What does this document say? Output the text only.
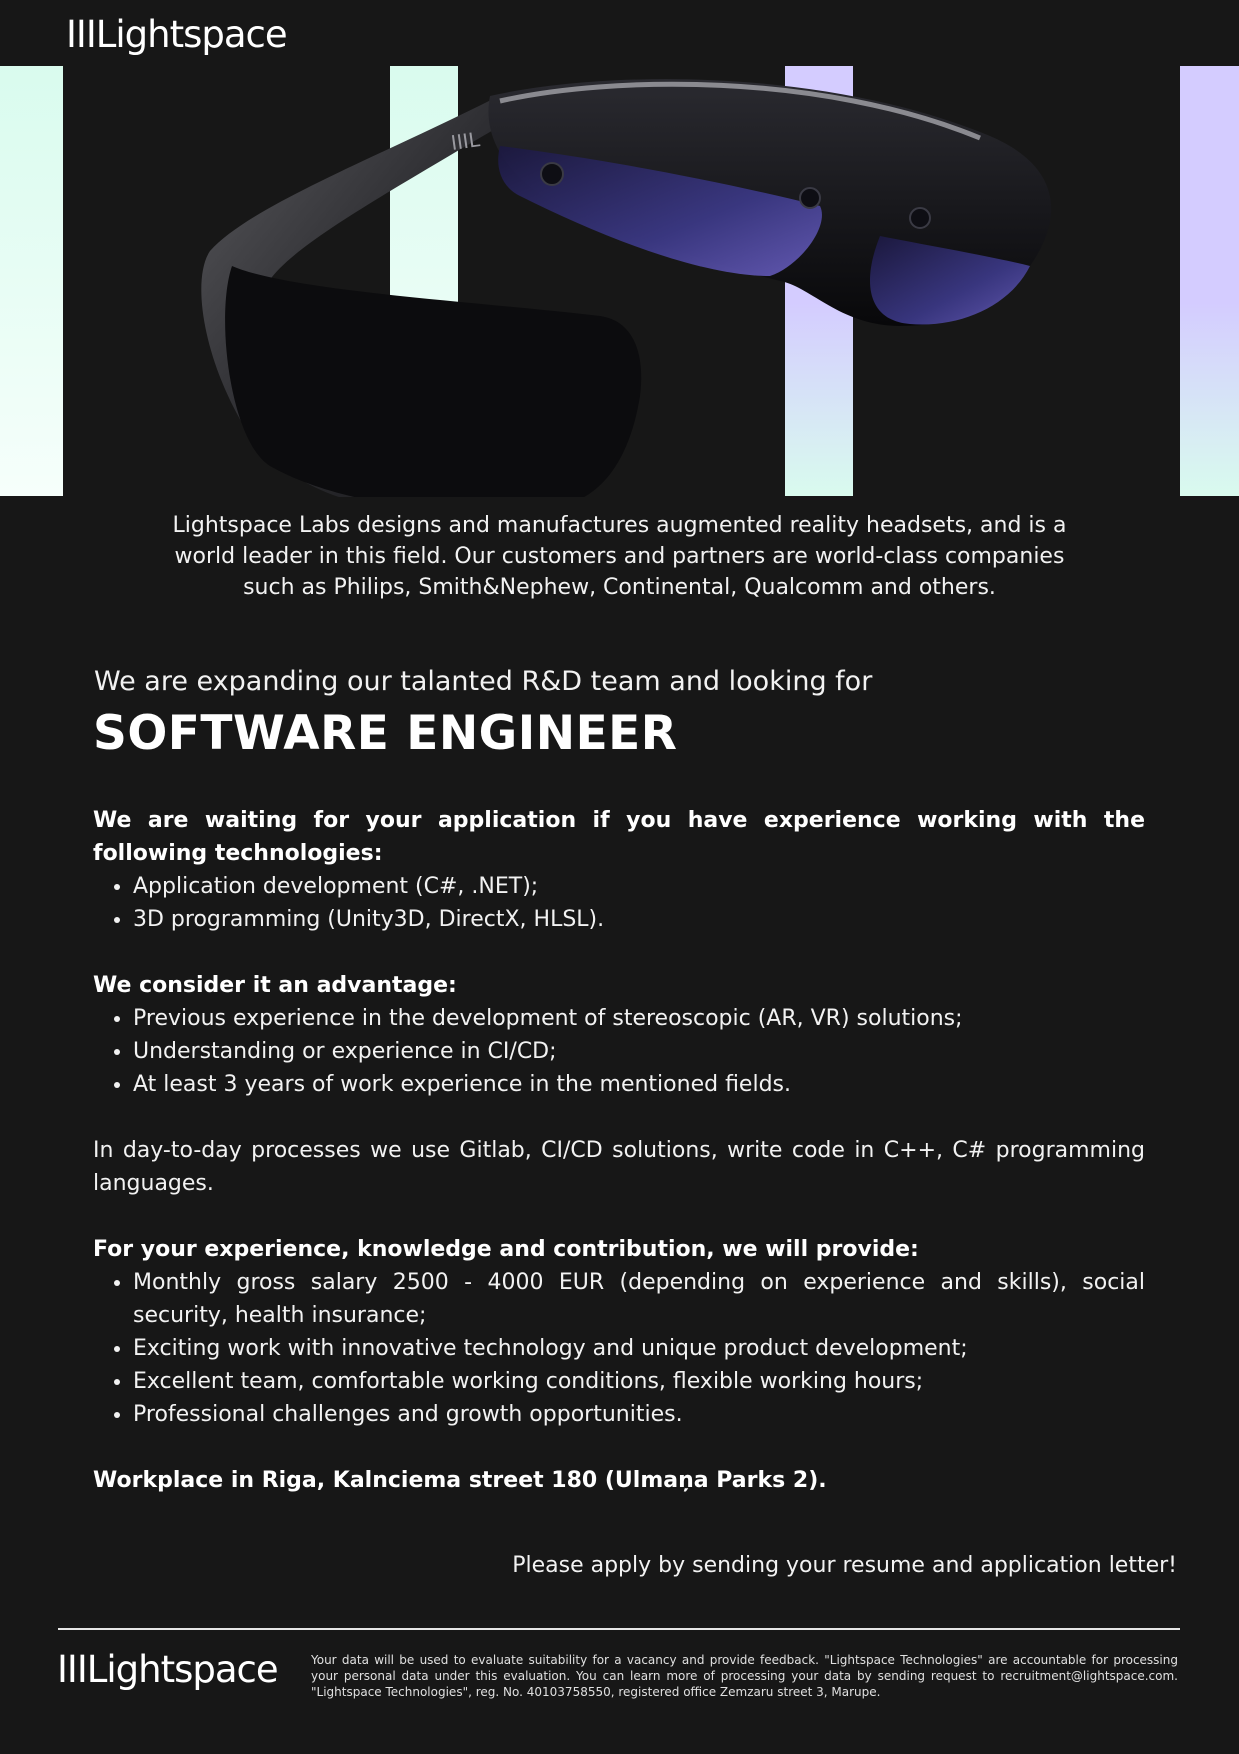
IIILightspace
IIIL
Lightspace Labs designs and manufactures augmented reality headsets, and is a world leader in this field. Our customers and partners are world-class companies such as Philips, Smith&Nephew, Continental, Qualcomm and others.
We are expanding our talanted R&D team and looking for
SOFTWARE ENGINEER

We are waiting for your application if you have experience working with the following technologies:

• Application development (C#, .NET);
• 3D programming (Unity3D, DirectX, HLSL).

We consider it an advantage:

• Previous experience in the development of stereoscopic (AR, VR) solutions;
• Understanding or experience in CI/CD;
• At least 3 years of work experience in the mentioned fields.

In day-to-day processes we use Gitlab, CI/CD solutions, write code in C++, C# programming languages.

For your experience, knowledge and contribution, we will provide:

• Monthly gross salary 2500 - 4000 EUR (depending on experience and skills), social security, health insurance;
• Exciting work with innovative technology and unique product development;
• Excellent team, comfortable working conditions, flexible working hours;
• Professional challenges and growth opportunities.

Workplace in Riga, Kalnciema street 180 (Ulmaņa Parks 2).

Please apply by sending your resume and application letter!
IIILightspace	Your data will be used to evaluate suitability for a vacancy and provide feedback. "Lightspace Technologies" are accountable for processing your personal data under this evaluation. You can learn more of processing your data by sending request to recruitment@lightspace.com. "Lightspace Technologies", reg. No. 40103758550, registered office Zemzaru street 3, Marupe.
